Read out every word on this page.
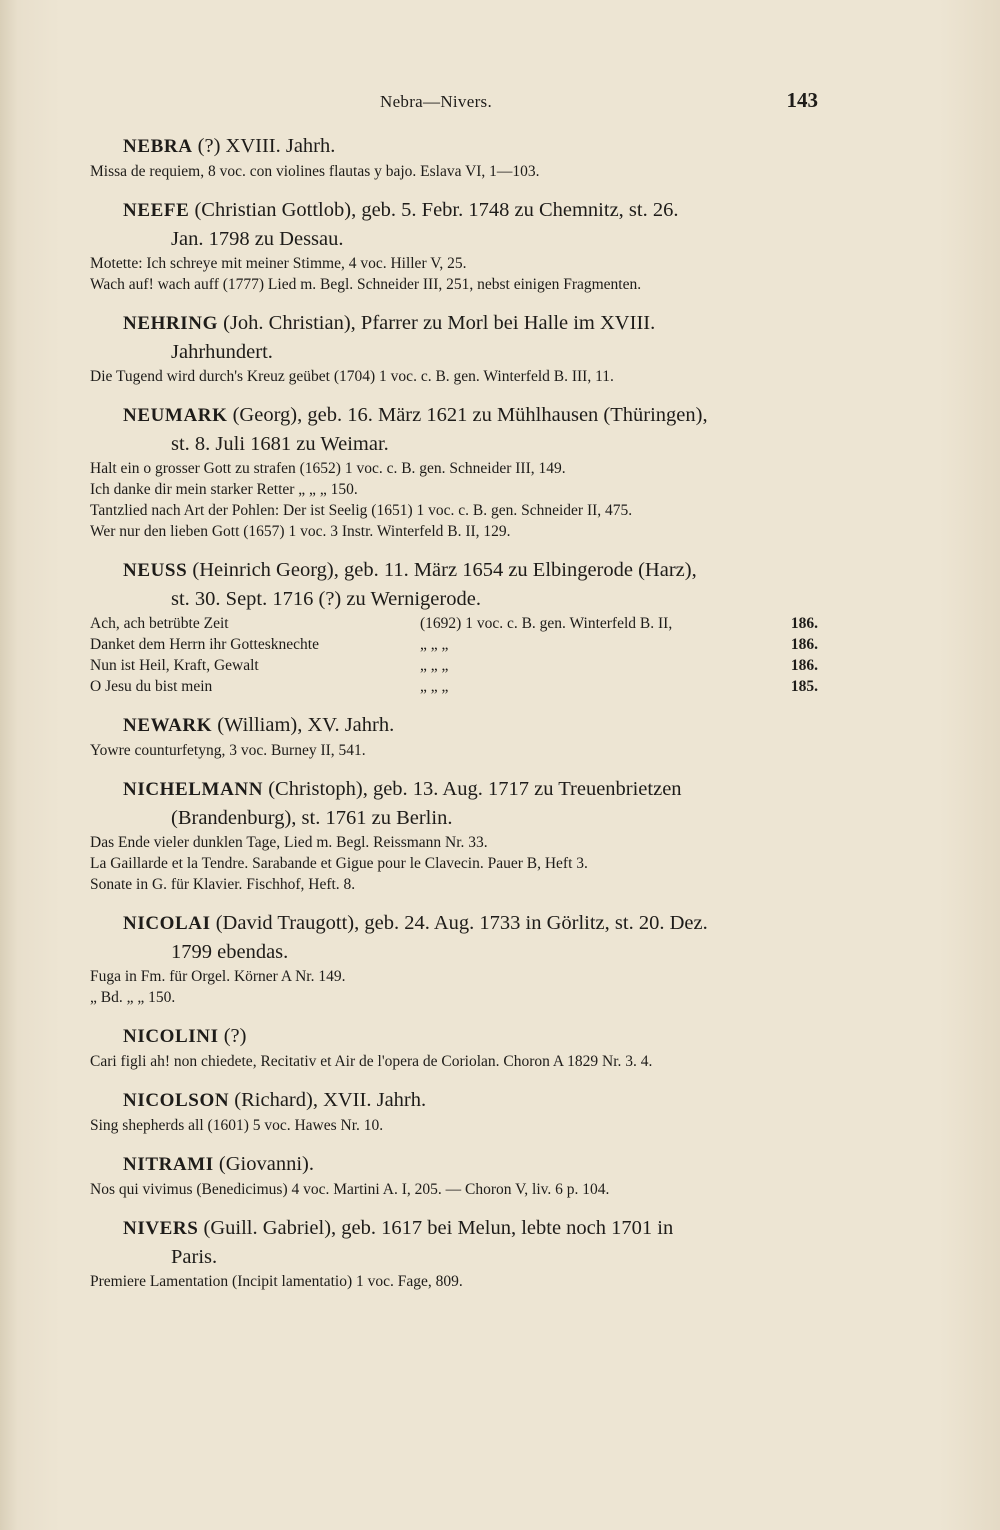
Nebra—Nivers.	143
NEBRA (?) XVIII. Jahrh.
Missa de requiem, 8 voc. con violines flautas y bajo. Eslava VI, 1—103.
NEEFE (Christian Gottlob), geb. 5. Febr. 1748 zu Chemnitz, st. 26.
Jan. 1798 zu Dessau.
Motette: Ich schreye mit meiner Stimme, 4 voc. Hiller V, 25.
Wach auf! wach auff (1777) Lied m. Begl. Schneider III, 251, nebst einigen Fragmenten.
NEHRING (Joh. Christian), Pfarrer zu Morl bei Halle im XVIII.
Jahrhundert.
Die Tugend wird durch's Kreuz geübet (1704) 1 voc. c. B. gen. Winterfeld B. III, 11.
NEUMARK (Georg), geb. 16. März 1621 zu Mühlhausen (Thüringen),
st. 8. Juli 1681 zu Weimar.
Halt ein o grosser Gott zu strafen (1652) 1 voc. c. B. gen. Schneider III, 149.
Ich danke dir mein starker Retter „ „ „ 150.
Tantzlied nach Art der Pohlen: Der ist Seelig (1651) 1 voc. c. B. gen. Schneider II, 475.
Wer nur den lieben Gott (1657) 1 voc. 3 Instr. Winterfeld B. II, 129.
NEUSS (Heinrich Georg), geb. 11. März 1654 zu Elbingerode (Harz),
st. 30. Sept. 1716 (?) zu Wernigerode.
Ach, ach betrübte Zeit	(1692) 1 voc. c. B. gen. Winterfeld B. II,	186.
Danket dem Herrn ihr Gottesknechte	„ „ „	186.
Nun ist Heil, Kraft, Gewalt	„ „ „	186.
O Jesu du bist mein	„ „ „	185.
NEWARK (William), XV. Jahrh.
Yowre counturfetyng, 3 voc. Burney II, 541.
NICHELMANN (Christoph), geb. 13. Aug. 1717 zu Treuenbrietzen
(Brandenburg), st. 1761 zu Berlin.
Das Ende vieler dunklen Tage, Lied m. Begl. Reissmann Nr. 33.
La Gaillarde et la Tendre. Sarabande et Gigue pour le Clavecin. Pauer B, Heft 3.
Sonate in G. für Klavier. Fischhof, Heft. 8.
NICOLAI (David Traugott), geb. 24. Aug. 1733 in Görlitz, st. 20. Dez.
1799 ebendas.
Fuga in Fm. für Orgel. Körner A Nr. 149.
„ Bd. „ „ 150.
NICOLINI (?)
Cari figli ah! non chiedete, Recitativ et Air de l'opera de Coriolan. Choron A 1829 Nr. 3. 4.
NICOLSON (Richard), XVII. Jahrh.
Sing shepherds all (1601) 5 voc. Hawes Nr. 10.
NITRAMI (Giovanni).
Nos qui vivimus (Benedicimus) 4 voc. Martini A. I, 205. — Choron V, liv. 6 p. 104.
NIVERS (Guill. Gabriel), geb. 1617 bei Melun, lebte noch 1701 in
Paris.
Premiere Lamentation (Incipit lamentatio) 1 voc. Fage, 809.
